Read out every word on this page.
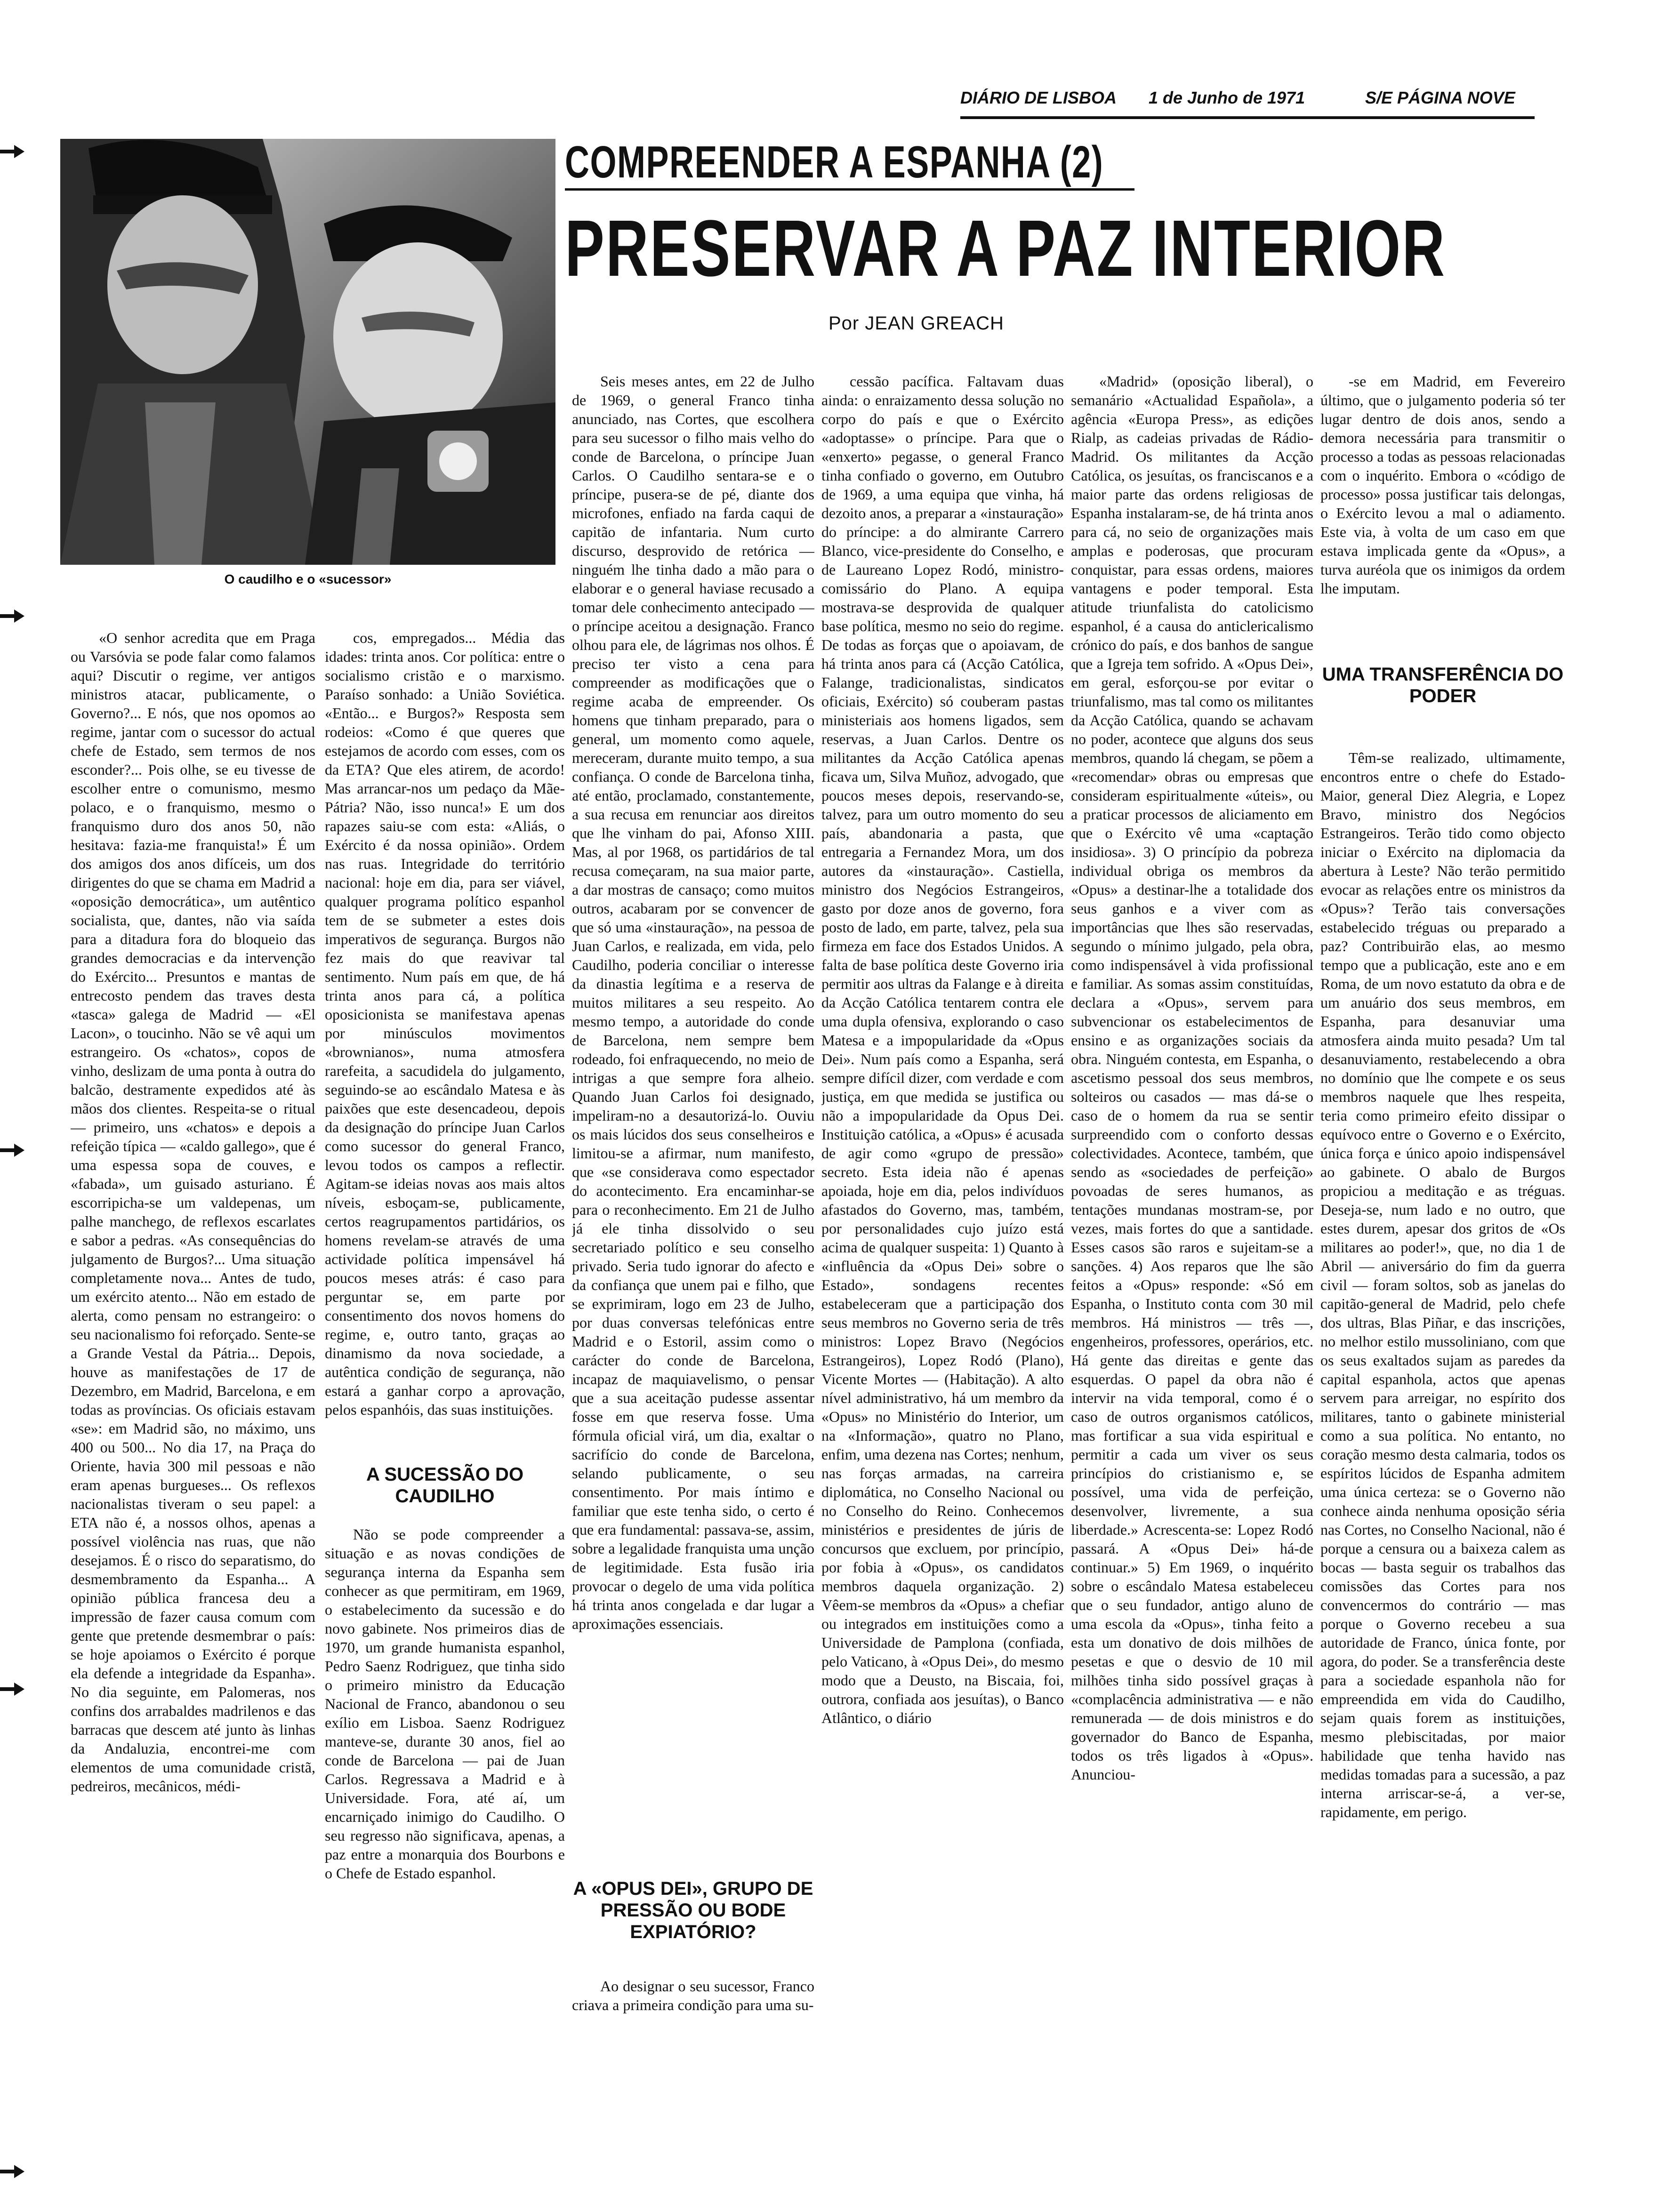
DIÁRIO DE LISBOA 1 de Junho de 1971	S/E PÁGINA NOVE
O caudilho e o «sucessor»
COMPREENDER A ESPANHA (2)
PRESERVAR A PAZ INTERIOR
Por JEAN GREACH

«O senhor acredita que em Praga ou Varsóvia se pode falar como falamos aqui? Discutir o regime, ver antigos ministros atacar, publicamente, o Governo?... E nós, que nos opomos ao regime, jantar com o sucessor do actual chefe de Estado, sem termos de nos esconder?... Pois olhe, se eu tivesse de escolher entre o comunismo, mesmo polaco, e o franquismo, mesmo o franquismo duro dos anos 50, não hesitava: fazia-me franquista!» É um dos amigos dos anos difíceis, um dos dirigentes do que se chama em Madrid a «oposição democrática», um autêntico socialista, que, dantes, não via saída para a ditadura fora do bloqueio das grandes democracias e da intervenção do Exército... Presuntos e mantas de entrecosto pendem das traves desta «tasca» galega de Madrid — «El Lacon», o toucinho. Não se vê aqui um estrangeiro. Os «chatos», copos de vinho, deslizam de uma ponta à outra do balcão, destramente expedidos até às mãos dos clientes. Respeita-se o ritual — primeiro, uns «chatos» e depois a refeição típica — «caldo gallego», que é uma espessa sopa de couves, e «fabada», um guisado asturiano. É escorripicha-se um valdepenas, um palhe manchego, de reflexos escarlates e sabor a pedras. «As consequências do julgamento de Burgos?... Uma situação completamente nova... Antes de tudo, um exército atento... Não em estado de alerta, como pensam no estrangeiro: o seu nacionalismo foi reforçado. Sente-se a Grande Vestal da Pátria... Depois, houve as manifestações de 17 de Dezembro, em Madrid, Barcelona, e em todas as províncias. Os oficiais estavam «se»: em Madrid são, no máximo, uns 400 ou 500... No dia 17, na Praça do Oriente, havia 300 mil pessoas e não eram apenas burgueses... Os reflexos nacionalistas tiveram o seu papel: a ETA não é, a nossos olhos, apenas a possível violência nas ruas, que não desejamos. É o risco do separatismo, do desmembramento da Espanha... A opinião pública francesa deu a impressão de fazer causa comum com gente que pretende desmembrar o país: se hoje apoiamos o Exército é porque ela defende a integridade da Espanha». No dia seguinte, em Palomeras, nos confins dos arrabaldes madrilenos e das barracas que descem até junto às linhas da Andaluzia, encontrei-me com elementos de uma comunidade cristã, pedreiros, mecânicos, médi-

cos, empregados... Média das idades: trinta anos. Cor política: entre o socialismo cristão e o marxismo. Paraíso sonhado: a União Soviética. «Então... e Burgos?» Resposta sem rodeios: «Como é que queres que estejamos de acordo com esses, com os da ETA? Que eles atirem, de acordo! Mas arrancar-nos um pedaço da Mãe-Pátria? Não, isso nunca!» E um dos rapazes saiu-se com esta: «Aliás, o Exército é da nossa opinião». Ordem nas ruas. Integridade do território nacional: hoje em dia, para ser viável, qualquer programa político espanhol tem de se submeter a estes dois imperativos de segurança. Burgos não fez mais do que reavivar tal sentimento. Num país em que, de há trinta anos para cá, a política oposicionista se manifestava apenas por minúsculos movimentos «brownianos», numa atmosfera rarefeita, a sacudidela do julgamento, seguindo-se ao escândalo Matesa e às paixões que este desencadeou, depois da designação do príncipe Juan Carlos como sucessor do general Franco, levou todos os campos a reflectir. Agitam-se ideias novas aos mais altos níveis, esboçam-se, publicamente, certos reagrupamentos partidários, os homens revelam-se através de uma actividade política impensável há poucos meses atrás: é caso para perguntar se, em parte por consentimento dos novos homens do regime, e, outro tanto, graças ao dinamismo da nova sociedade, a autêntica condição de segurança, não estará a ganhar corpo a aprovação, pelos espanhóis, das suas instituições.

A SUCESSÃO DO CAUDILHO

Não se pode compreender a situação e as novas condições de segurança interna da Espanha sem conhecer as que permitiram, em 1969, o estabelecimento da sucessão e do novo gabinete. Nos primeiros dias de 1970, um grande humanista espanhol, Pedro Saenz Rodriguez, que tinha sido o primeiro ministro da Educação Nacional de Franco, abandonou o seu exílio em Lisboa. Saenz Rodriguez manteve-se, durante 30 anos, fiel ao conde de Barcelona — pai de Juan Carlos. Regressava a Madrid e à Universidade. Fora, até aí, um encarniçado inimigo do Caudilho. O seu regresso não significava, apenas, a paz entre a monarquia dos Bourbons e o Chefe de Estado espanhol.

Seis meses antes, em 22 de Julho de 1969, o general Franco tinha anunciado, nas Cortes, que escolhera para seu sucessor o filho mais velho do conde de Barcelona, o príncipe Juan Carlos. O Caudilho sentara-se e o príncipe, pusera-se de pé, diante dos microfones, enfiado na farda caqui de capitão de infantaria. Num curto discurso, desprovido de retórica — ninguém lhe tinha dado a mão para o elaborar e o general haviase recusado a tomar dele conhecimento antecipado — o príncipe aceitou a designação. Franco olhou para ele, de lágrimas nos olhos. É preciso ter visto a cena para compreender as modificações que o regime acaba de empreender. Os homens que tinham preparado, para o general, um momento como aquele, mereceram, durante muito tempo, a sua confiança. O conde de Barcelona tinha, até então, proclamado, constantemente, a sua recusa em renunciar aos direitos que lhe vinham do pai, Afonso XIII. Mas, al por 1968, os partidários de tal recusa começaram, na sua maior parte, a dar mostras de cansaço; como muitos outros, acabaram por se convencer de que só uma «instauração», na pessoa de Juan Carlos, e realizada, em vida, pelo Caudilho, poderia conciliar o interesse da dinastia legítima e a reserva de muitos militares a seu respeito. Ao mesmo tempo, a autoridade do conde de Barcelona, nem sempre bem rodeado, foi enfraquecendo, no meio de intrigas a que sempre fora alheio. Quando Juan Carlos foi designado, impeliram-no a desautorizá-lo. Ouviu os mais lúcidos dos seus conselheiros e limitou-se a afirmar, num manifesto, que «se considerava como espectador do acontecimento. Era encaminhar-se para o reconhecimento. Em 21 de Julho já ele tinha dissolvido o seu secretariado político e seu conselho privado. Seria tudo ignorar do afecto e da confiança que unem pai e filho, que se exprimiram, logo em 23 de Julho, por duas conversas telefónicas entre Madrid e o Estoril, assim como o carácter do conde de Barcelona, incapaz de maquiavelismo, o pensar que a sua aceitação pudesse assentar fosse em que reserva fosse. Uma fórmula oficial virá, um dia, exaltar o sacrifício do conde de Barcelona, selando publicamente, o seu consentimento. Por mais íntimo e familiar que este tenha sido, o certo é que era fundamental: passava-se, assim, sobre a legalidade franquista uma unção de legitimidade. Esta fusão iria provocar o degelo de uma vida política há trinta anos congelada e dar lugar a aproximações essenciais.

A «OPUS DEI», GRUPO DE PRESSÃO OU BODE EXPIATÓRIO?

Ao designar o seu sucessor, Franco criava a primeira condição para uma su-

cessão pacífica. Faltavam duas ainda: o enraizamento dessa solução no corpo do país e que o Exército «adoptasse» o príncipe. Para que o «enxerto» pegasse, o general Franco tinha confiado o governo, em Outubro de 1969, a uma equipa que vinha, há dezoito anos, a preparar a «instauração» do príncipe: a do almirante Carrero Blanco, vice-presidente do Conselho, e de Laureano Lopez Rodó, ministro-comissário do Plano. A equipa mostrava-se desprovida de qualquer base política, mesmo no seio do regime. De todas as forças que o apoiavam, de há trinta anos para cá (Acção Católica, Falange, tradicionalistas, sindicatos oficiais, Exército) só couberam pastas ministeriais aos homens ligados, sem reservas, a Juan Carlos. Dentre os militantes da Acção Católica apenas ficava um, Silva Muñoz, advogado, que poucos meses depois, reservando-se, talvez, para um outro momento do seu país, abandonaria a pasta, que entregaria a Fernandez Mora, um dos autores da «instauração». Castiella, ministro dos Negócios Estrangeiros, gasto por doze anos de governo, fora posto de lado, em parte, talvez, pela sua firmeza em face dos Estados Unidos. A falta de base política deste Governo iria permitir aos ultras da Falange e à direita da Acção Católica tentarem contra ele uma dupla ofensiva, explorando o caso Matesa e a impopularidade da «Opus Dei». Num país como a Espanha, será sempre difícil dizer, com verdade e com justiça, em que medida se justifica ou não a impopularidade da Opus Dei. Instituição católica, a «Opus» é acusada de agir como «grupo de pressão» secreto. Esta ideia não é apenas apoiada, hoje em dia, pelos indivíduos afastados do Governo, mas, também, por personalidades cujo juízo está acima de qualquer suspeita: 1) Quanto à «influência da «Opus Dei» sobre o Estado», sondagens recentes estabeleceram que a participação dos seus membros no Governo seria de três ministros: Lopez Bravo (Negócios Estrangeiros), Lopez Rodó (Plano), Vicente Mortes — (Habitação). A alto nível administrativo, há um membro da «Opus» no Ministério do Interior, um na «Informação», quatro no Plano, enfim, uma dezena nas Cortes; nenhum, nas forças armadas, na carreira diplomática, no Conselho Nacional ou no Conselho do Reino. Conhecemos ministérios e presidentes de júris de concursos que excluem, por princípio, por fobia à «Opus», os candidatos membros daquela organização. 2) Vêem-se membros da «Opus» a chefiar ou integrados em instituições como a Universidade de Pamplona (confiada, pelo Vaticano, à «Opus Dei», do mesmo modo que a Deusto, na Biscaia, foi, outrora, confiada aos jesuítas), o Banco Atlântico, o diário

«Madrid» (oposição liberal), o semanário «Actualidad Española», a agência «Europa Press», as edições Rialp, as cadeias privadas de Rádio-Madrid. Os militantes da Acção Católica, os jesuítas, os franciscanos e a maior parte das ordens religiosas de Espanha instalaram-se, de há trinta anos para cá, no seio de organizações mais amplas e poderosas, que procuram conquistar, para essas ordens, maiores vantagens e poder temporal. Esta atitude triunfalista do catolicismo espanhol, é a causa do anticlericalismo crónico do país, e dos banhos de sangue que a Igreja tem sofrido. A «Opus Dei», em geral, esforçou-se por evitar o triunfalismo, mas tal como os militantes da Acção Católica, quando se achavam no poder, acontece que alguns dos seus membros, quando lá chegam, se põem a «recomendar» obras ou empresas que consideram espiritualmente «úteis», ou a praticar processos de aliciamento em que o Exército vê uma «captação insidiosa». 3) O princípio da pobreza individual obriga os membros da «Opus» a destinar-lhe a totalidade dos seus ganhos e a viver com as importâncias que lhes são reservadas, segundo o mínimo julgado, pela obra, como indispensável à vida profissional e familiar. As somas assim constituídas, declara a «Opus», servem para subvencionar os estabelecimentos de ensino e as organizações sociais da obra. Ninguém contesta, em Espanha, o ascetismo pessoal dos seus membros, solteiros ou casados — mas dá-se o caso de o homem da rua se sentir surpreendido com o conforto dessas colectividades. Acontece, também, que sendo as «sociedades de perfeição» povoadas de seres humanos, as tentações mundanas mostram-se, por vezes, mais fortes do que a santidade. Esses casos são raros e sujeitam-se a sanções. 4) Aos reparos que lhe são feitos a «Opus» responde: «Só em Espanha, o Instituto conta com 30 mil membros. Há ministros — três —, engenheiros, professores, operários, etc. Há gente das direitas e gente das esquerdas. O papel da obra não é intervir na vida temporal, como é o caso de outros organismos católicos, mas fortificar a sua vida espiritual e permitir a cada um viver os seus princípios do cristianismo e, se possível, uma vida de perfeição, desenvolver, livremente, a sua liberdade.» Acrescenta-se: Lopez Rodó passará. A «Opus Dei» há-de continuar.» 5) Em 1969, o inquérito sobre o escândalo Matesa estabeleceu que o seu fundador, antigo aluno de uma escola da «Opus», tinha feito a esta um donativo de dois milhões de pesetas e que o desvio de 10 mil milhões tinha sido possível graças à «complacência administrativa — e não remunerada — de dois ministros e do governador do Banco de Espanha, todos os três ligados à «Opus». Anunciou-

-se em Madrid, em Fevereiro último, que o julgamento poderia só ter lugar dentro de dois anos, sendo a demora necessária para transmitir o processo a todas as pessoas relacionadas com o inquérito. Embora o «código de processo» possa justificar tais delongas, o Exército levou a mal o adiamento. Este via, à volta de um caso em que estava implicada gente da «Opus», a turva auréola que os inimigos da ordem lhe imputam.

UMA TRANSFERÊNCIA DO PODER

Têm-se realizado, ultimamente, encontros entre o chefe do Estado-Maior, general Diez Alegria, e Lopez Bravo, ministro dos Negócios Estrangeiros. Terão tido como objecto iniciar o Exército na diplomacia da abertura à Leste? Não terão permitido evocar as relações entre os ministros da «Opus»? Terão tais conversações estabelecido tréguas ou preparado a paz? Contribuirão elas, ao mesmo tempo que a publicação, este ano e em Roma, de um novo estatuto da obra e de um anuário dos seus membros, em Espanha, para desanuviar uma atmosfera ainda muito pesada? Um tal desanuviamento, restabelecendo a obra no domínio que lhe compete e os seus membros naquele que lhes respeita, teria como primeiro efeito dissipar o equívoco entre o Governo e o Exército, única força e único apoio indispensável ao gabinete. O abalo de Burgos propiciou a meditação e as tréguas. Deseja-se, num lado e no outro, que estes durem, apesar dos gritos de «Os militares ao poder!», que, no dia 1 de Abril — aniversário do fim da guerra civil — foram soltos, sob as janelas do capitão-general de Madrid, pelo chefe dos ultras, Blas Piñar, e das inscrições, no melhor estilo mussoliniano, com que os seus exaltados sujam as paredes da capital espanhola, actos que apenas servem para arreigar, no espírito dos militares, tanto o gabinete ministerial como a sua política. No entanto, no coração mesmo desta calmaria, todos os espíritos lúcidos de Espanha admitem uma única certeza: se o Governo não conhece ainda nenhuma oposição séria nas Cortes, no Conselho Nacional, não é porque a censura ou a baixeza calem as bocas — basta seguir os trabalhos das comissões das Cortes para nos convencermos do contrário — mas porque o Governo recebeu a sua autoridade de Franco, única fonte, por agora, do poder. Se a transferência deste para a sociedade espanhola não for empreendida em vida do Caudilho, sejam quais forem as instituições, mesmo plebiscitadas, por maior habilidade que tenha havido nas medidas tomadas para a sucessão, a paz interna arriscar-se-á, a ver-se, rapidamente, em perigo.
